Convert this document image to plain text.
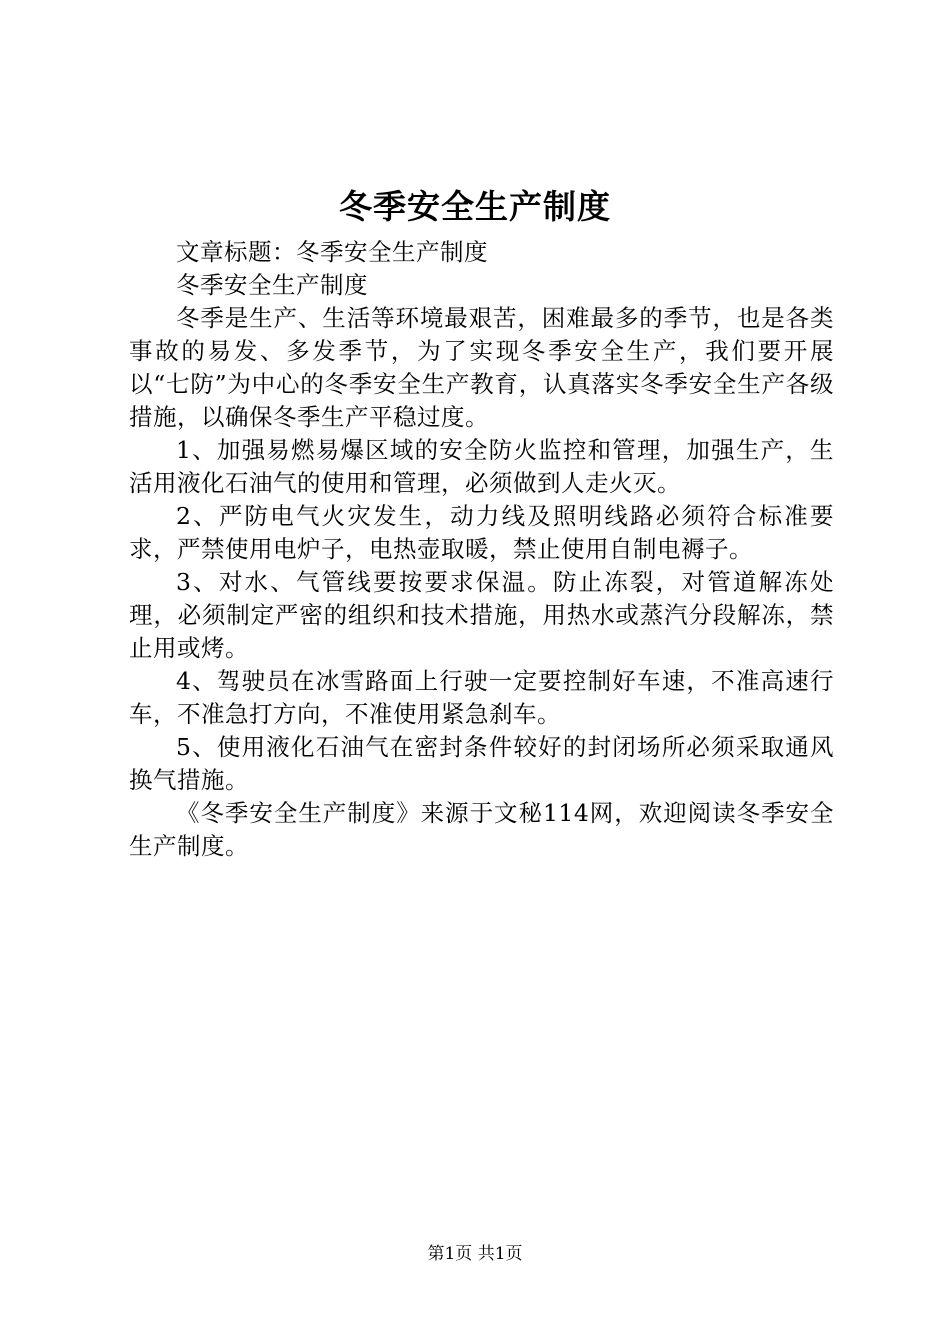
冬季安全生产制度

文章标题：冬季安全生产制度

冬季安全生产制度

冬季是生产、生活等环境最艰苦，困难最多的季节，也是各类事故的易发、多发季节，为了实现冬季安全生产，我们要开展以“七防”为中心的冬季安全生产教育，认真落实冬季安全生产各级措施，以确保冬季生产平稳过度。

1、加强易燃易爆区域的安全防火监控和管理，加强生产，生活用液化石油气的使用和管理，必须做到人走火灭。

2、严防电气火灾发生，动力线及照明线路必须符合标准要求，严禁使用电炉子，电热壶取暖，禁止使用自制电褥子。

3、对水、气管线要按要求保温。防止冻裂，对管道解冻处理，必须制定严密的组织和技术措施，用热水或蒸汽分段解冻，禁止用或烤。

4、驾驶员在冰雪路面上行驶一定要控制好车速，不准高速行车，不准急打方向，不准使用紧急刹车。

5、使用液化石油气在密封条件较好的封闭场所必须采取通风换气措施。

《冬季安全生产制度》来源于文秘114网，欢迎阅读冬季安全生产制度。

第1页 共1页
